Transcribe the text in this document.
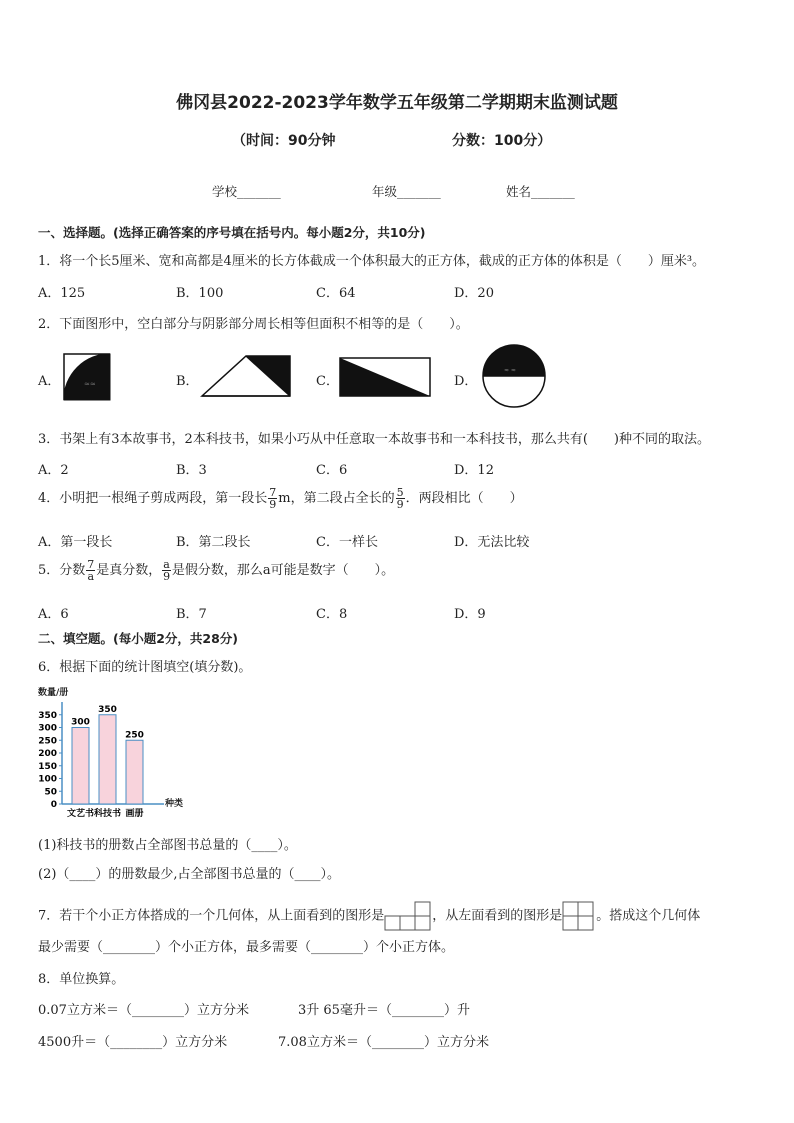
佛冈县2022-2023学年数学五年级第二学期期末监测试题
（时间：90分钟	分数：100分）
学校_______	年级_______	姓名_______
一、选择题。(选择正确答案的序号填在括号内。每小题2分，共10分)
1．将一个长5厘米、宽和高都是4厘米的长方体截成一个体积最大的正方体，截成的正方体的体积是（　　）厘米³。
A．125	B．100	C．64	D．20
2．下面图形中，空白部分与阴影部分周长相等但面积不相等的是（　　）。
A．	≈≈	B．	C．	D．
≈ ≈
3．书架上有3本故事书，2本科技书，如果小巧从中任意取一本故事书和一本科技书，那么共有(　　)种不同的取法。
A．2	B．3	C．6	D．12
4．小明把一根绳子剪成两段，第一段长 $\frac{7}{9}$ m，第二段占全长的 $\frac{5}{9}$ ．两段相比（　　）
A．第一段长	B．第二段长	C．一样长	D．无法比较
5．分数 $\frac{7}{a}$ 是真分数， $\frac{a}{9}$ 是假分数，那么a可能是数字（　　）。
A．6	B．7	C．8	D．9
二、填空题。(每小题2分，共28分)
6．根据下面的统计图填空(填分数)。
数量/册
0
50
100
150
200
250
300
350
300
文艺书
350
科技书
250
画册
种类
(1)科技书的册数占全部图书总量的（____）。
(2)（____）的册数最少,占全部图书总量的（____）。
7．若干个小正方体搭成的一个几何体，从上面看到的图形是	，从左面看到的图形是	。搭成这个几何体
最少需要（________）个小正方体，最多需要（________）个小正方体。
8．单位换算。
0.07立方米＝（________）立方分米	3升 65毫升＝（________）升
4500升＝（________）立方分米	7.08立方米＝（________）立方分米
